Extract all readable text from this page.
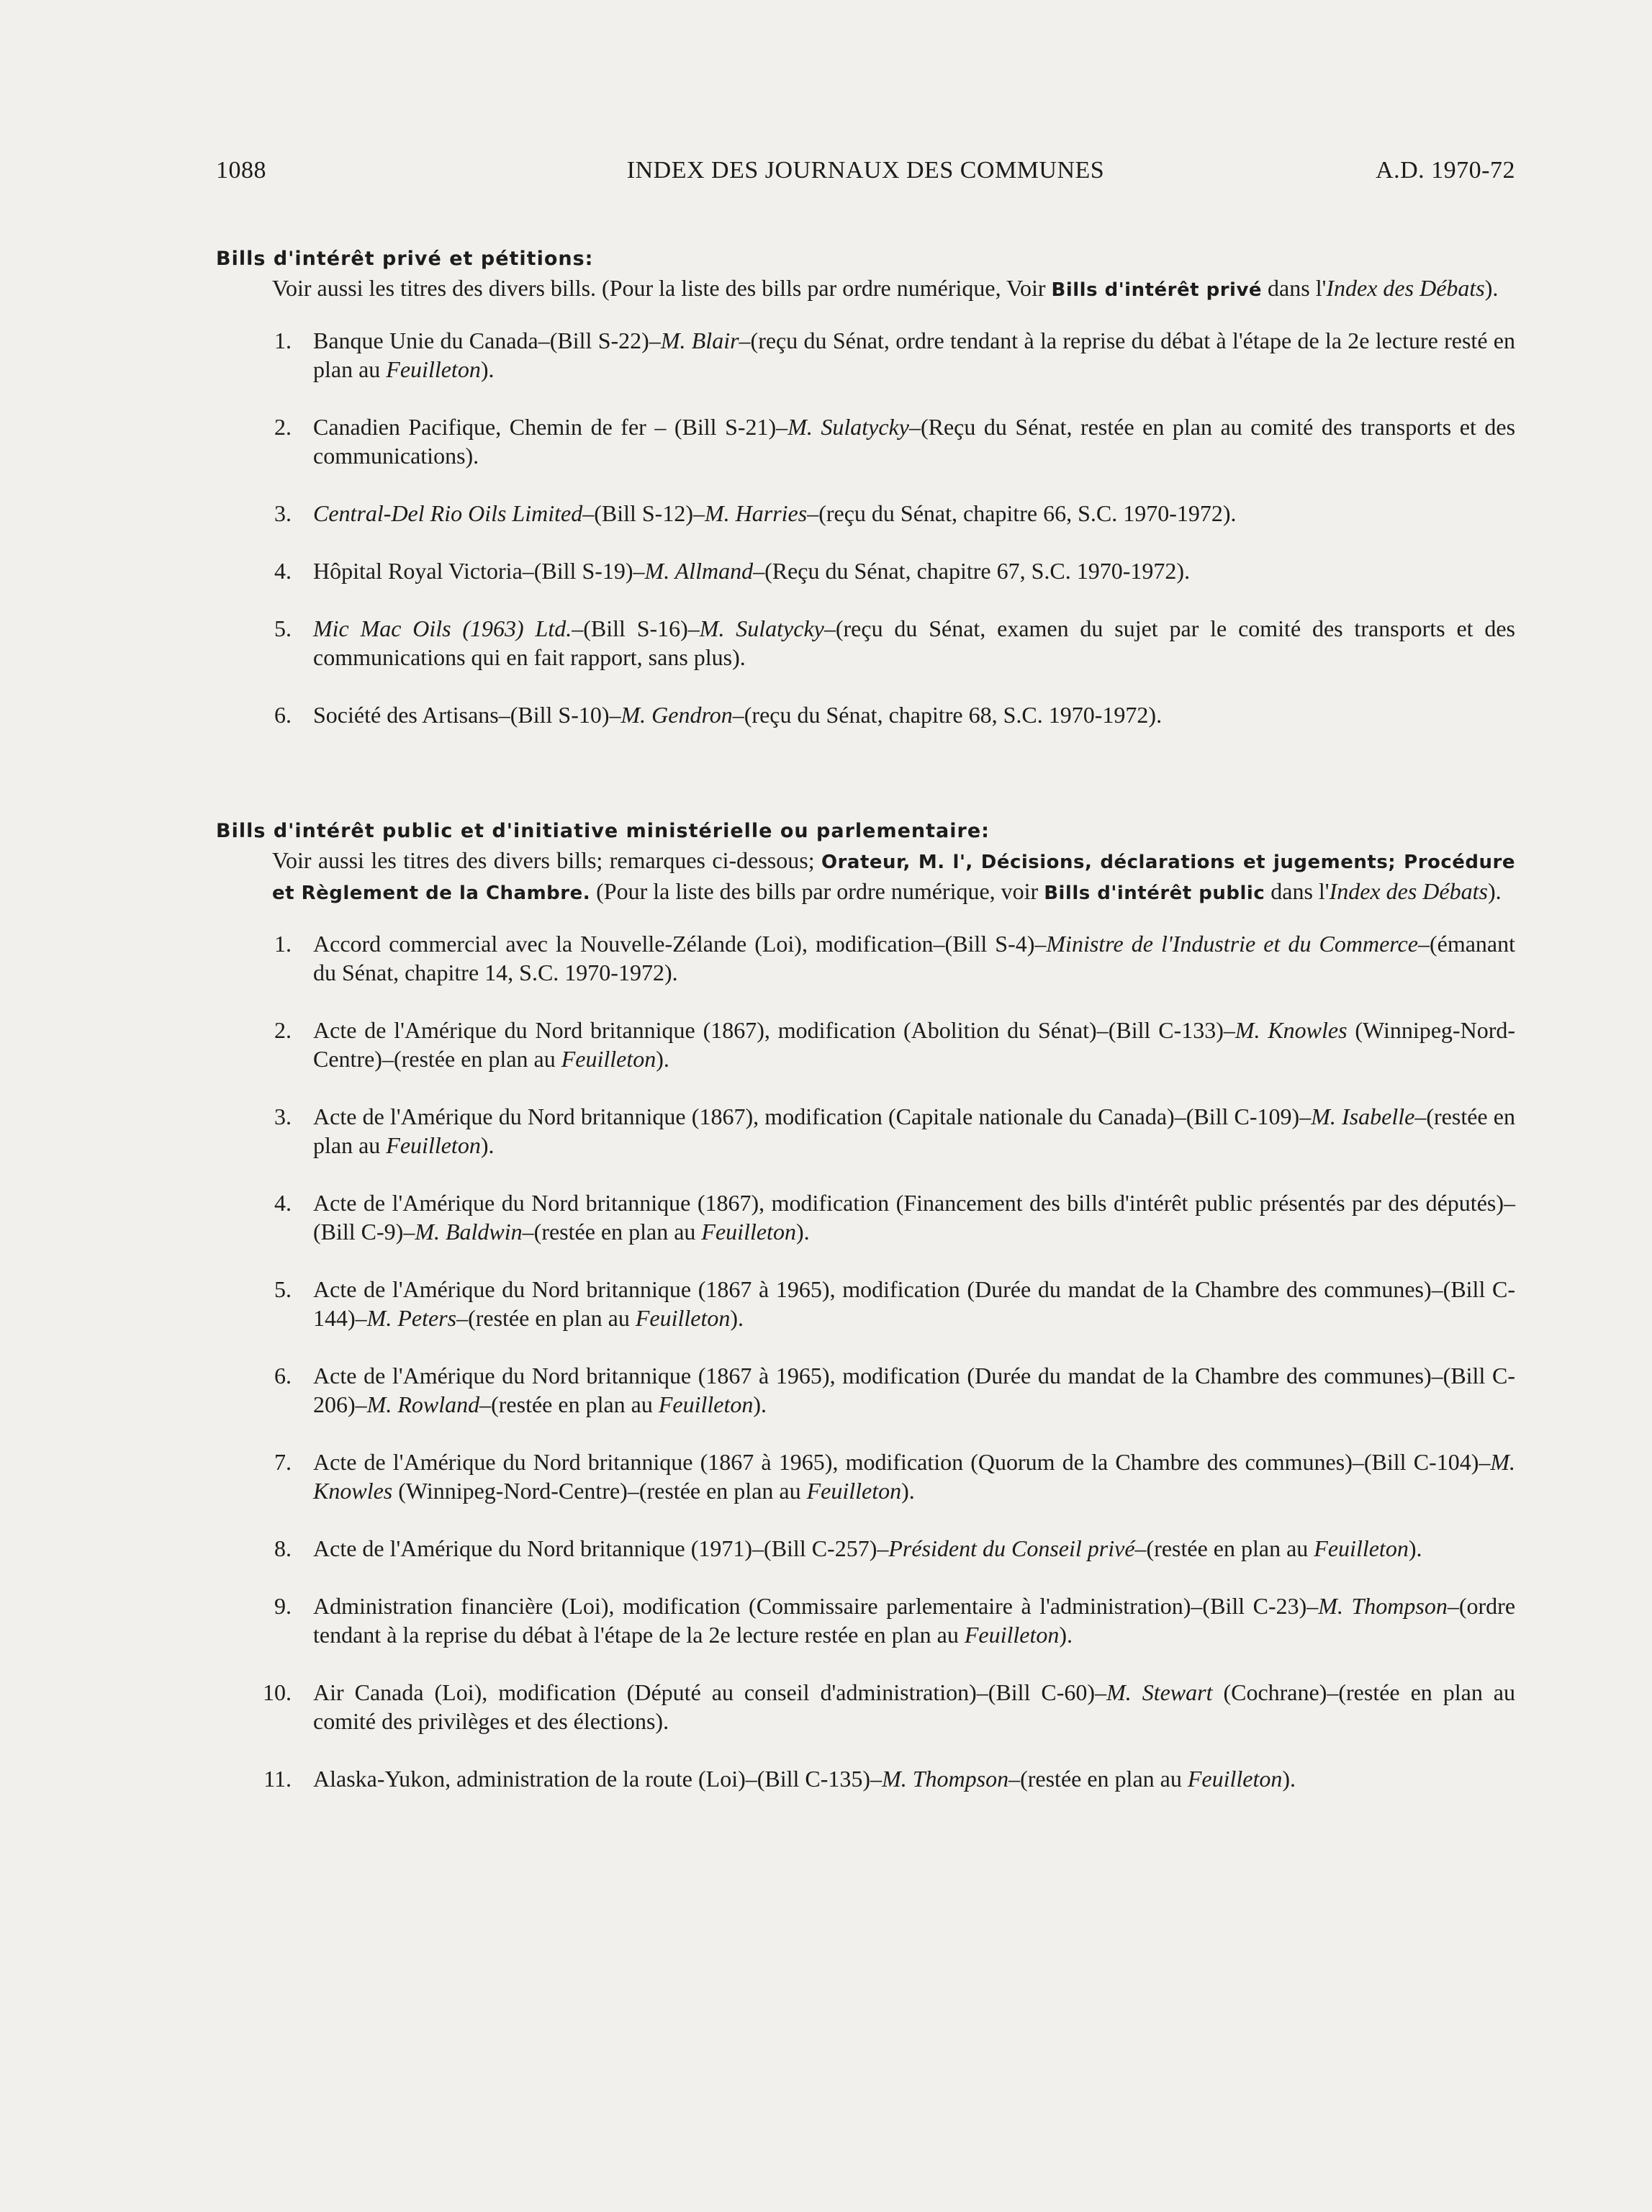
1088	INDEX DES JOURNAUX DES COMMUNES	A.D. 1970-72
Bills d'intérêt privé et pétitions:
Voir aussi les titres des divers bills. (Pour la liste des bills par ordre numérique, Voir Bills d'intérêt privé dans l'Index des Débats).
1. Banque Unie du Canada–(Bill S-22)–M. Blair–(reçu du Sénat, ordre tendant à la reprise du débat à l'étape de la 2e lecture resté en plan au Feuilleton).
2. Canadien Pacifique, Chemin de fer – (Bill S-21)–M. Sulatycky–(Reçu du Sénat, restée en plan au comité des transports et des communications).
3. Central-Del Rio Oils Limited–(Bill S-12)–M. Harries–(reçu du Sénat, chapitre 66, S.C. 1970-1972).
4. Hôpital Royal Victoria–(Bill S-19)–M. Allmand–(Reçu du Sénat, chapitre 67, S.C. 1970-1972).
5. Mic Mac Oils (1963) Ltd.–(Bill S-16)–M. Sulatycky–(reçu du Sénat, examen du sujet par le comité des transports et des communications qui en fait rapport, sans plus).
6. Société des Artisans–(Bill S-10)–M. Gendron–(reçu du Sénat, chapitre 68, S.C. 1970-1972).
Bills d'intérêt public et d'initiative ministérielle ou parlementaire:
Voir aussi les titres des divers bills; remarques ci-dessous; Orateur, M. l', Décisions, déclarations et jugements; Procédure et Règlement de la Chambre. (Pour la liste des bills par ordre numérique, voir Bills d'intérêt public dans l'Index des Débats).
1. Accord commercial avec la Nouvelle-Zélande (Loi), modification–(Bill S-4)–Ministre de l'Industrie et du Commerce–(émanant du Sénat, chapitre 14, S.C. 1970-1972).
2. Acte de l'Amérique du Nord britannique (1867), modification (Abolition du Sénat)–(Bill C-133)–M. Knowles (Winnipeg-Nord-Centre)–(restée en plan au Feuilleton).
3. Acte de l'Amérique du Nord britannique (1867), modification (Capitale nationale du Canada)–(Bill C-109)–M. Isabelle–(restée en plan au Feuilleton).
4. Acte de l'Amérique du Nord britannique (1867), modification (Financement des bills d'intérêt public présentés par des députés)–(Bill C-9)–M. Baldwin–(restée en plan au Feuilleton).
5. Acte de l'Amérique du Nord britannique (1867 à 1965), modification (Durée du mandat de la Chambre des communes)–(Bill C-144)–M. Peters–(restée en plan au Feuilleton).
6. Acte de l'Amérique du Nord britannique (1867 à 1965), modification (Durée du mandat de la Chambre des communes)–(Bill C-206)–M. Rowland–(restée en plan au Feuilleton).
7. Acte de l'Amérique du Nord britannique (1867 à 1965), modification (Quorum de la Chambre des communes)–(Bill C-104)–M. Knowles (Winnipeg-Nord-Centre)–(restée en plan au Feuilleton).
8. Acte de l'Amérique du Nord britannique (1971)–(Bill C-257)–Président du Conseil privé–(restée en plan au Feuilleton).
9. Administration financière (Loi), modification (Commissaire parlementaire à l'administration)–(Bill C-23)–M. Thompson–(ordre tendant à la reprise du débat à l'étape de la 2e lecture restée en plan au Feuilleton).
10. Air Canada (Loi), modification (Député au conseil d'administration)–(Bill C-60)–M. Stewart (Cochrane)–(restée en plan au comité des privilèges et des élections).
11. Alaska-Yukon, administration de la route (Loi)–(Bill C-135)–M. Thompson–(restée en plan au Feuilleton).
